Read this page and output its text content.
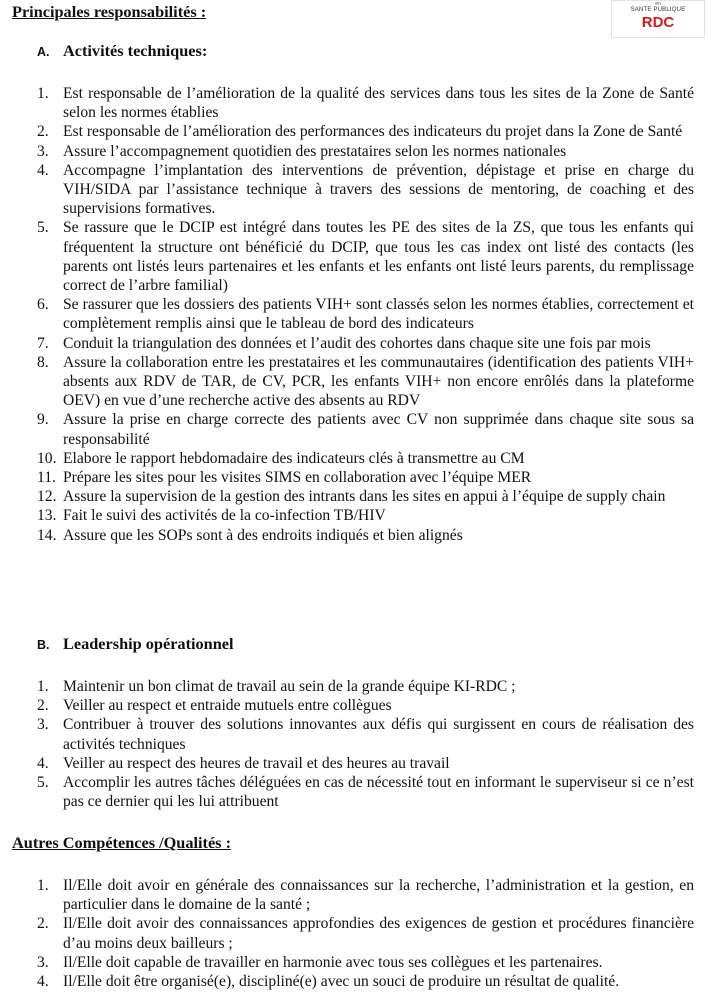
en
SANTE PUBLIQUE
RDC
Principales responsabilités :
A. Activités techniques:
1. Est responsable de l’amélioration de la qualité des services dans tous les sites de la Zone de Santé selon les normes établies
2. Est responsable de l’amélioration des performances des indicateurs du projet dans la Zone de Santé
3. Assure l’accompagnement quotidien des prestataires selon les normes nationales
4. Accompagne l’implantation des interventions de prévention, dépistage et prise en charge du VIH/SIDA par l’assistance technique à travers des sessions de mentoring, de coaching et des supervisions formatives.
5. Se rassure que le DCIP est intégré dans toutes les PE des sites de la ZS, que tous les enfants qui fréquentent la structure ont bénéficié du DCIP, que tous les cas index ont listé des contacts (les parents ont listés leurs partenaires et les enfants et les enfants ont listé leurs parents, du remplissage correct de l’arbre familial)
6. Se rassurer que les dossiers des patients VIH+ sont classés selon les normes établies, correctement et complètement remplis ainsi que le tableau de bord des indicateurs
7. Conduit la triangulation des données et l’audit des cohortes dans chaque site une fois par mois
8. Assure la collaboration entre les prestataires et les communautaires (identification des patients VIH+ absents aux RDV de TAR, de CV, PCR, les enfants VIH+ non encore enrôlés dans la plateforme OEV) en vue d’une recherche active des absents au RDV
9. Assure la prise en charge correcte des patients avec CV non supprimée dans chaque site sous sa responsabilité
10. Elabore le rapport hebdomadaire des indicateurs clés à transmettre au CM
11. Prépare les sites pour les visites SIMS en collaboration avec l’équipe MER
12. Assure la supervision de la gestion des intrants dans les sites en appui à l’équipe de supply chain
13. Fait le suivi des activités de la co-infection TB/HIV
14. Assure que les SOPs sont à des endroits indiqués et bien alignés
B. Leadership opérationnel
1. Maintenir un bon climat de travail au sein de la grande équipe KI-RDC ;
2. Veiller au respect et entraide mutuels entre collègues
3. Contribuer à trouver des solutions innovantes aux défis qui surgissent en cours de réalisation des activités techniques
4. Veiller au respect des heures de travail et des heures au travail
5. Accomplir les autres tâches déléguées en cas de nécessité tout en informant le superviseur si ce n’est pas ce dernier qui les lui attribuent
Autres Compétences /Qualités :
1. Il/Elle doit avoir en générale des connaissances sur la recherche, l’administration et la gestion, en particulier dans le domaine de la santé ;
2. Il/Elle doit avoir des connaissances approfondies des exigences de gestion et procédures financière d’au moins deux bailleurs ;
3. Il/Elle doit capable de travailler en harmonie avec tous ses collègues et les partenaires.
4. Il/Elle doit être organisé(e), discipliné(e) avec un souci de produire un résultat de qualité.
